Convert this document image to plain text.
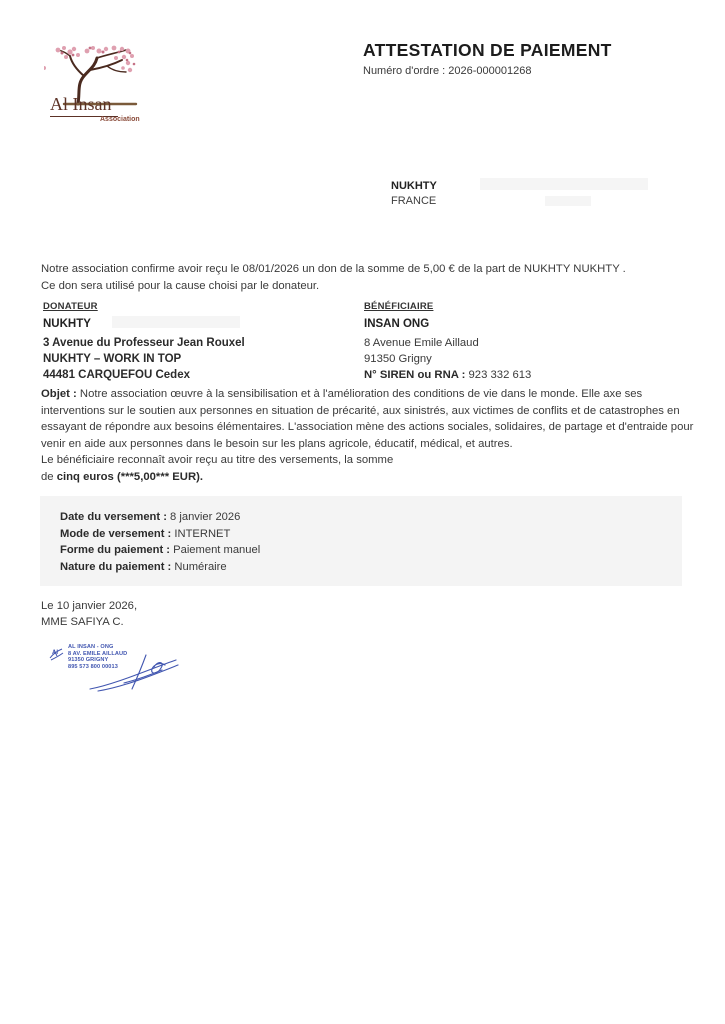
Al Insan
Association
ATTESTATION DE PAIEMENT
Numéro d'ordre : 2026-000001268
NUKHTY
FRANCE
Notre association confirme avoir reçu le 08/01/2026 un don de la somme de 5,00 € de la part de NUKHTY NUKHTY .
Ce don sera utilisé pour la cause choisi par le donateur.
DONATEUR
NUKHTY
3 Avenue du Professeur Jean Rouxel
NUKHTY – WORK IN TOP
44481 CARQUEFOU Cedex
BÉNÉFICIAIRE
INSAN ONG
8 Avenue Emile Aillaud
91350 Grigny
N° SIREN ou RNA : 923 332 613
Objet : Notre association œuvre à la sensibilisation et à l'amélioration des conditions de vie dans le monde. Elle axe ses interventions sur le soutien aux personnes en situation de précarité, aux sinistrés, aux victimes de conflits et de catastrophes en essayant de répondre aux besoins élémentaires. L'association mène des actions sociales, solidaires, de partage et d'entraide pour venir en aide aux personnes dans le besoin sur les plans agricole, éducatif, médical, et autres.
Le bénéficiaire reconnaît avoir reçu au titre des versements, la somme
de cinq euros (***5,00*** EUR).
Date du versement : 8 janvier 2026
Mode de versement : INTERNET
Forme du paiement : Paiement manuel
Nature du paiement : Numéraire
Le 10 janvier 2026,
MME SAFIYA C.
AI
AL INSAN - ONG
8 AV. EMILE AILLAUD
91350 GRIGNY
895 573 800 00013
